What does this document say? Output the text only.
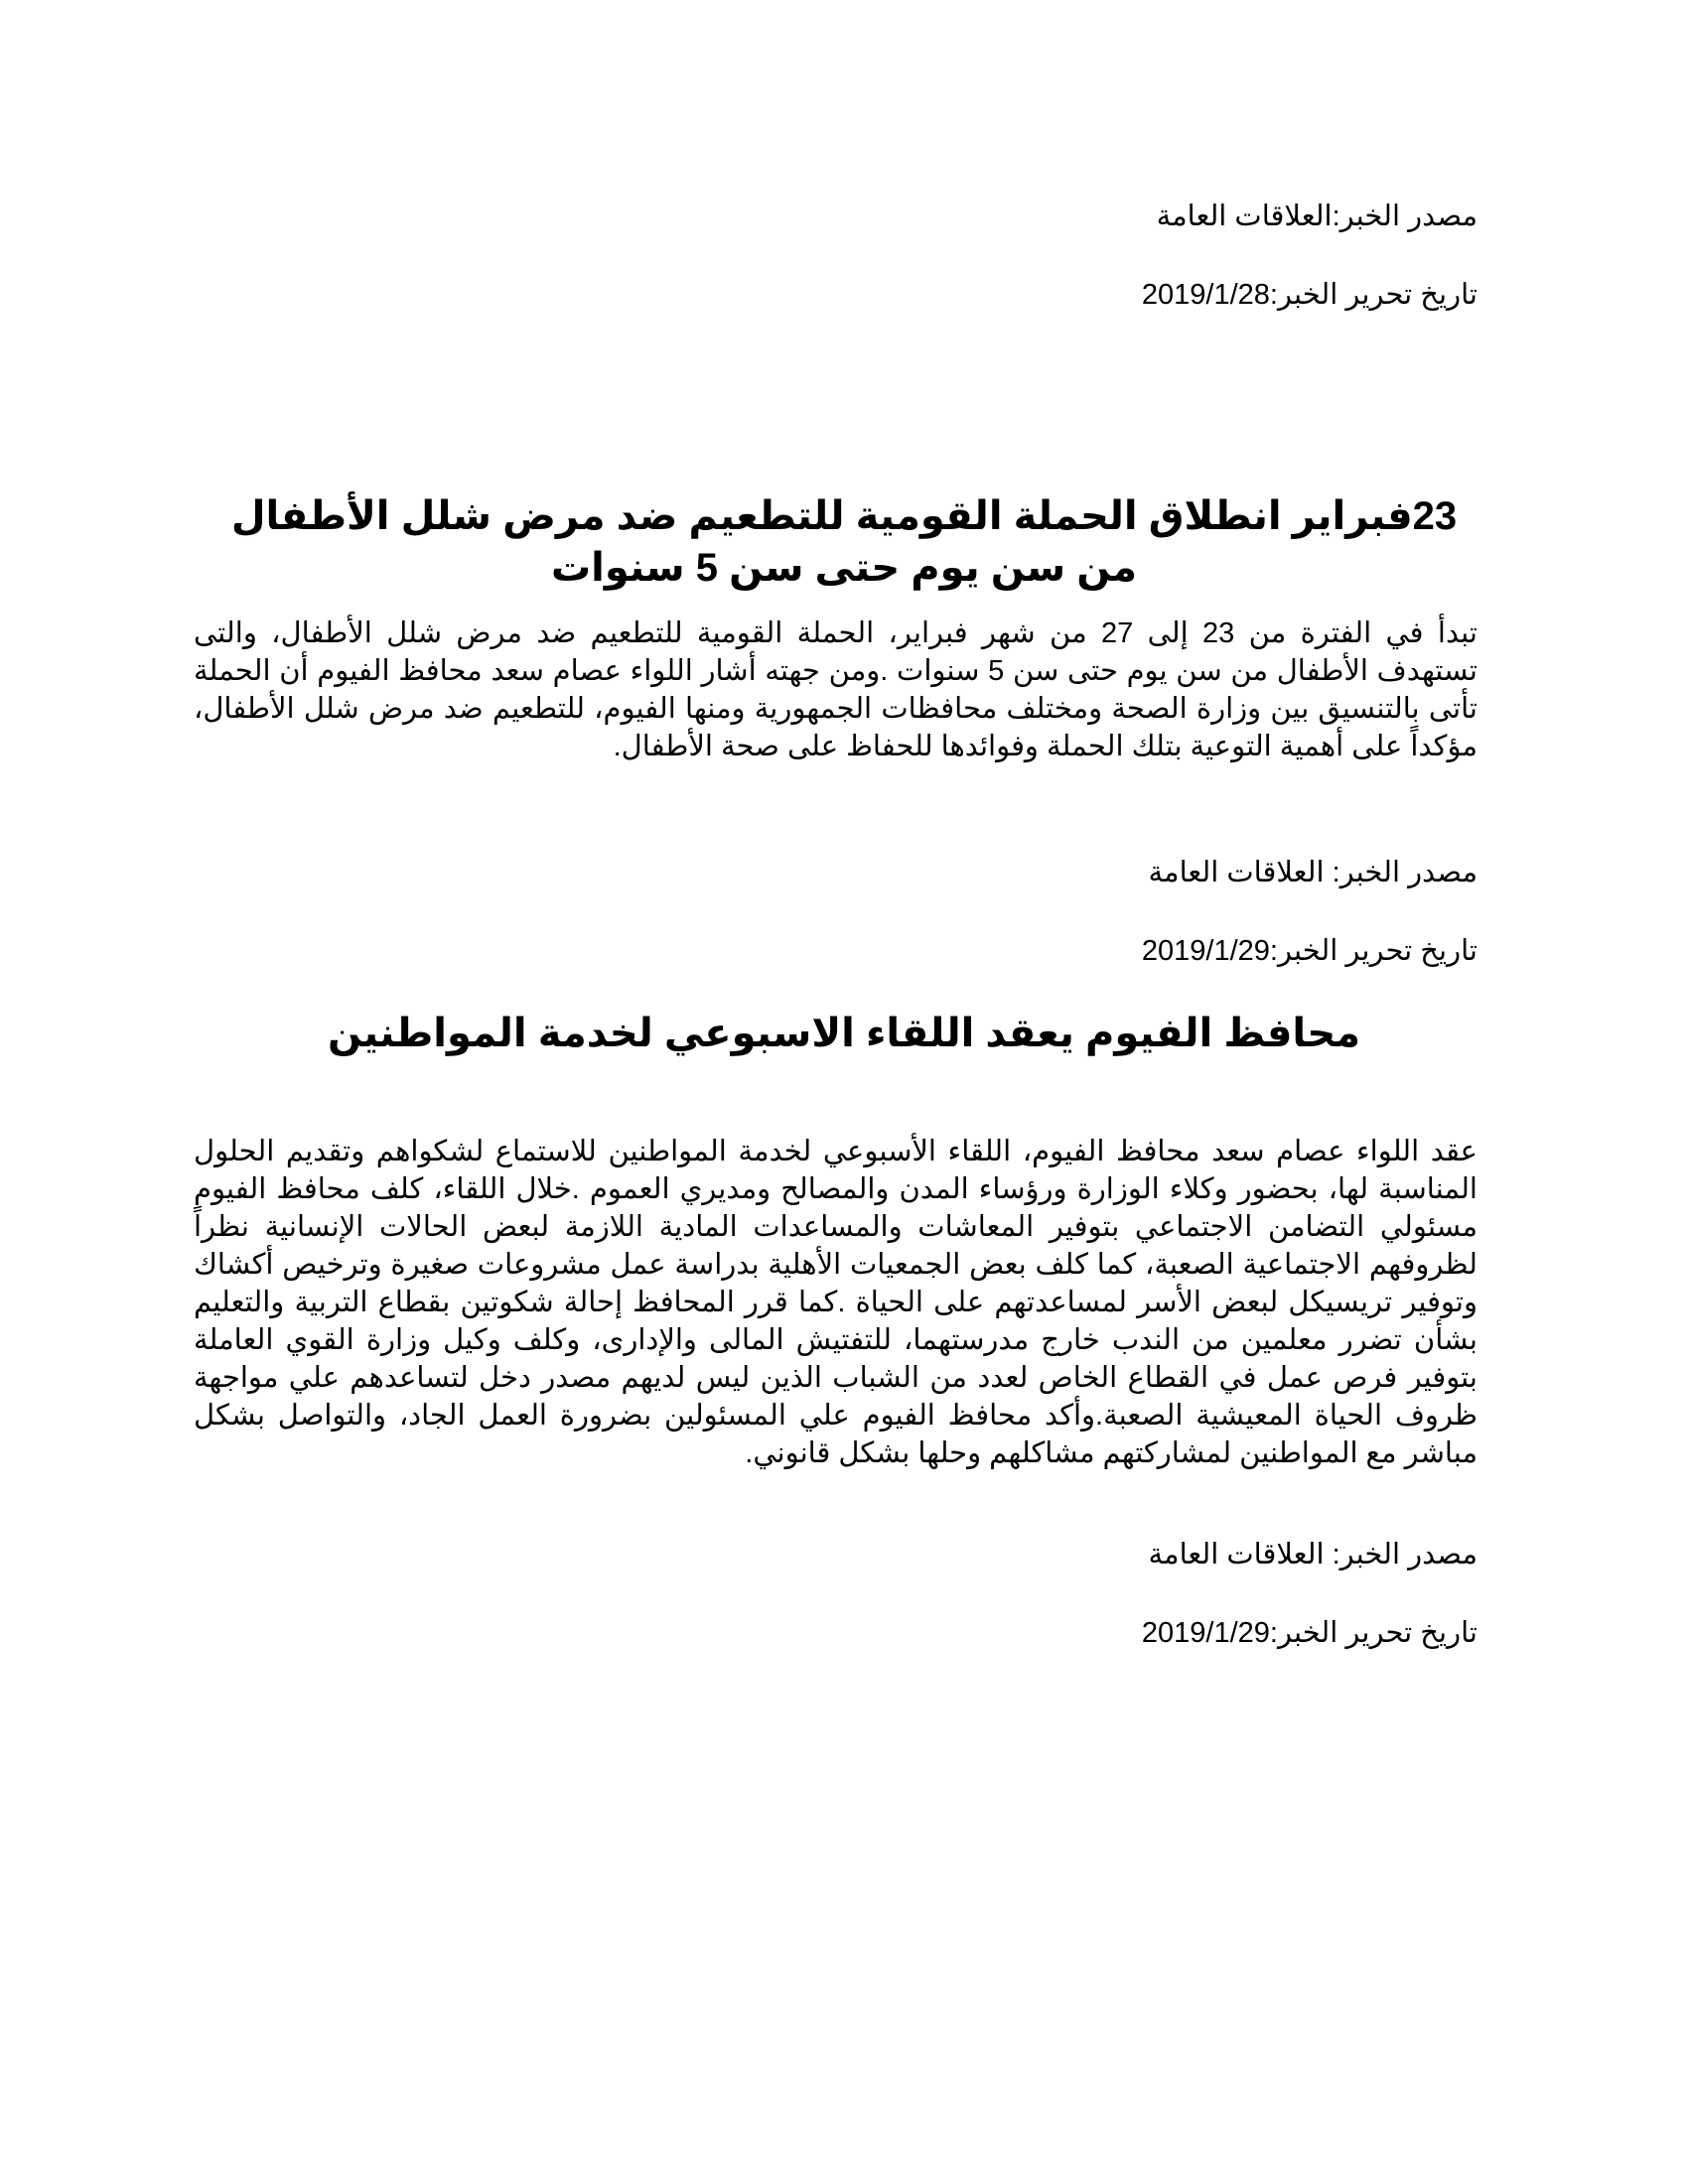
مصدر الخبر:العلاقات العامة
تاريخ تحرير الخبر:2019/1/28
23فبراير انطلاق الحملة القومية للتطعيم ضد مرض شلل الأطفال
من سن يوم حتى سن 5 سنوات
تبدأ في الفترة من 23 إلى 27 من شهر فبراير، الحملة القومية للتطعيم ضد مرض شلل الأطفال، والتى تستهدف الأطفال من سن يوم حتى سن 5 سنوات .ومن جهته أشار اللواء عصام سعد محافظ الفيوم أن الحملة تأتى بالتنسيق بين وزارة الصحة ومختلف محافظات الجمهورية ومنها الفيوم، للتطعيم ضد مرض شلل الأطفال، مؤكداً على أهمية التوعية بتلك الحملة وفوائدها للحفاظ على صحة الأطفال.
مصدر الخبر: العلاقات العامة
تاريخ تحرير الخبر:2019/1/29
محافظ الفيوم يعقد اللقاء الاسبوعي لخدمة المواطنين
عقد اللواء عصام سعد محافظ الفيوم، اللقاء الأسبوعي لخدمة المواطنين للاستماع لشكواهم وتقديم الحلول المناسبة لها، بحضور وكلاء الوزارة ورؤساء المدن والمصالح ومديري العموم .خلال اللقاء، كلف محافظ الفيوم مسئولي التضامن الاجتماعي بتوفير المعاشات والمساعدات المادية اللازمة لبعض الحالات الإنسانية نظراً لظروفهم الاجتماعية الصعبة، كما كلف بعض الجمعيات الأهلية بدراسة عمل مشروعات صغيرة وترخيص أكشاك وتوفير تريسيكل لبعض الأسر لمساعدتهم على الحياة .كما قرر المحافظ إحالة شكوتين بقطاع التربية والتعليم بشأن تضرر معلمين من الندب خارج مدرستهما، للتفتيش المالى والإدارى، وكلف وكيل وزارة القوي العاملة بتوفير فرص عمل في القطاع الخاص لعدد من الشباب الذين ليس لديهم مصدر دخل لتساعدهم علي مواجهة ظروف الحياة المعيشية الصعبة.وأكد محافظ الفيوم علي المسئولين بضرورة العمل الجاد، والتواصل بشكل مباشر مع المواطنين لمشاركتهم مشاكلهم وحلها بشكل قانوني.
مصدر الخبر: العلاقات العامة
تاريخ تحرير الخبر:2019/1/29
